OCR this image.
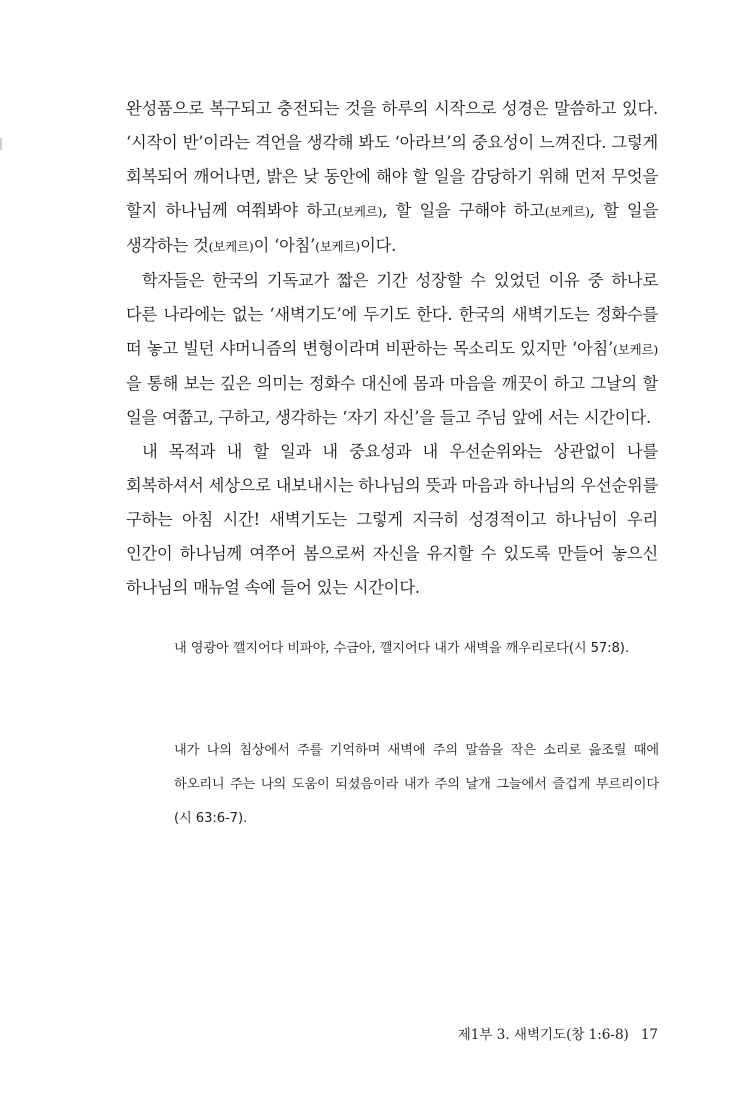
완성품으로 복구되고 충전되는 것을 하루의 시작으로 성경은 말씀하고 있다. ‘시작이 반’이라는 격언을 생각해 봐도 ‘아라브’의 중요성이 느껴진다. 그렇게 회복되어 깨어나면, 밝은 낮 동안에 해야 할 일을 감당하기 위해 먼저 무엇을 할지 하나님께 여쭤봐야 하고(보케르), 할 일을 구해야 하고(보케르), 할 일을 생각하는 것(보케르)이 ‘아침’(보케르)이다.

학자들은 한국의 기독교가 짧은 기간 성장할 수 있었던 이유 중 하나로 다른 나라에는 없는 ‘새벽기도’에 두기도 한다. 한국의 새벽기도는 정화수를 떠 놓고 빌던 샤머니즘의 변형이라며 비판하는 목소리도 있지만 ‘아침’(보케르)을 통해 보는 깊은 의미는 정화수 대신에 몸과 마음을 깨끗이 하고 그날의 할 일을 여쭙고, 구하고, 생각하는 ‘자기 자신’을 들고 주님 앞에 서는 시간이다.

내 목적과 내 할 일과 내 중요성과 내 우선순위와는 상관없이 나를 회복하셔서 세상으로 내보내시는 하나님의 뜻과 마음과 하나님의 우선순위를 구하는 아침 시간! 새벽기도는 그렇게 지극히 성경적이고 하나님이 우리 인간이 하나님께 여쭈어 봄으로써 자신을 유지할 수 있도록 만들어 놓으신 하나님의 매뉴얼 속에 들어 있는 시간이다.

내 영광아 깰지어다 비파야, 수금아, 깰지어다 내가 새벽을 깨우리로다(시 57:8).

내가 나의 침상에서 주를 기억하며 새벽에 주의 말씀을 작은 소리로 읊조릴 때에 하오리니 주는 나의 도움이 되셨음이라 내가 주의 날개 그늘에서 즐겁게 부르리이다(시 63:6-7).

제1부 3. 새벽기도(창 1:6-8) 17
